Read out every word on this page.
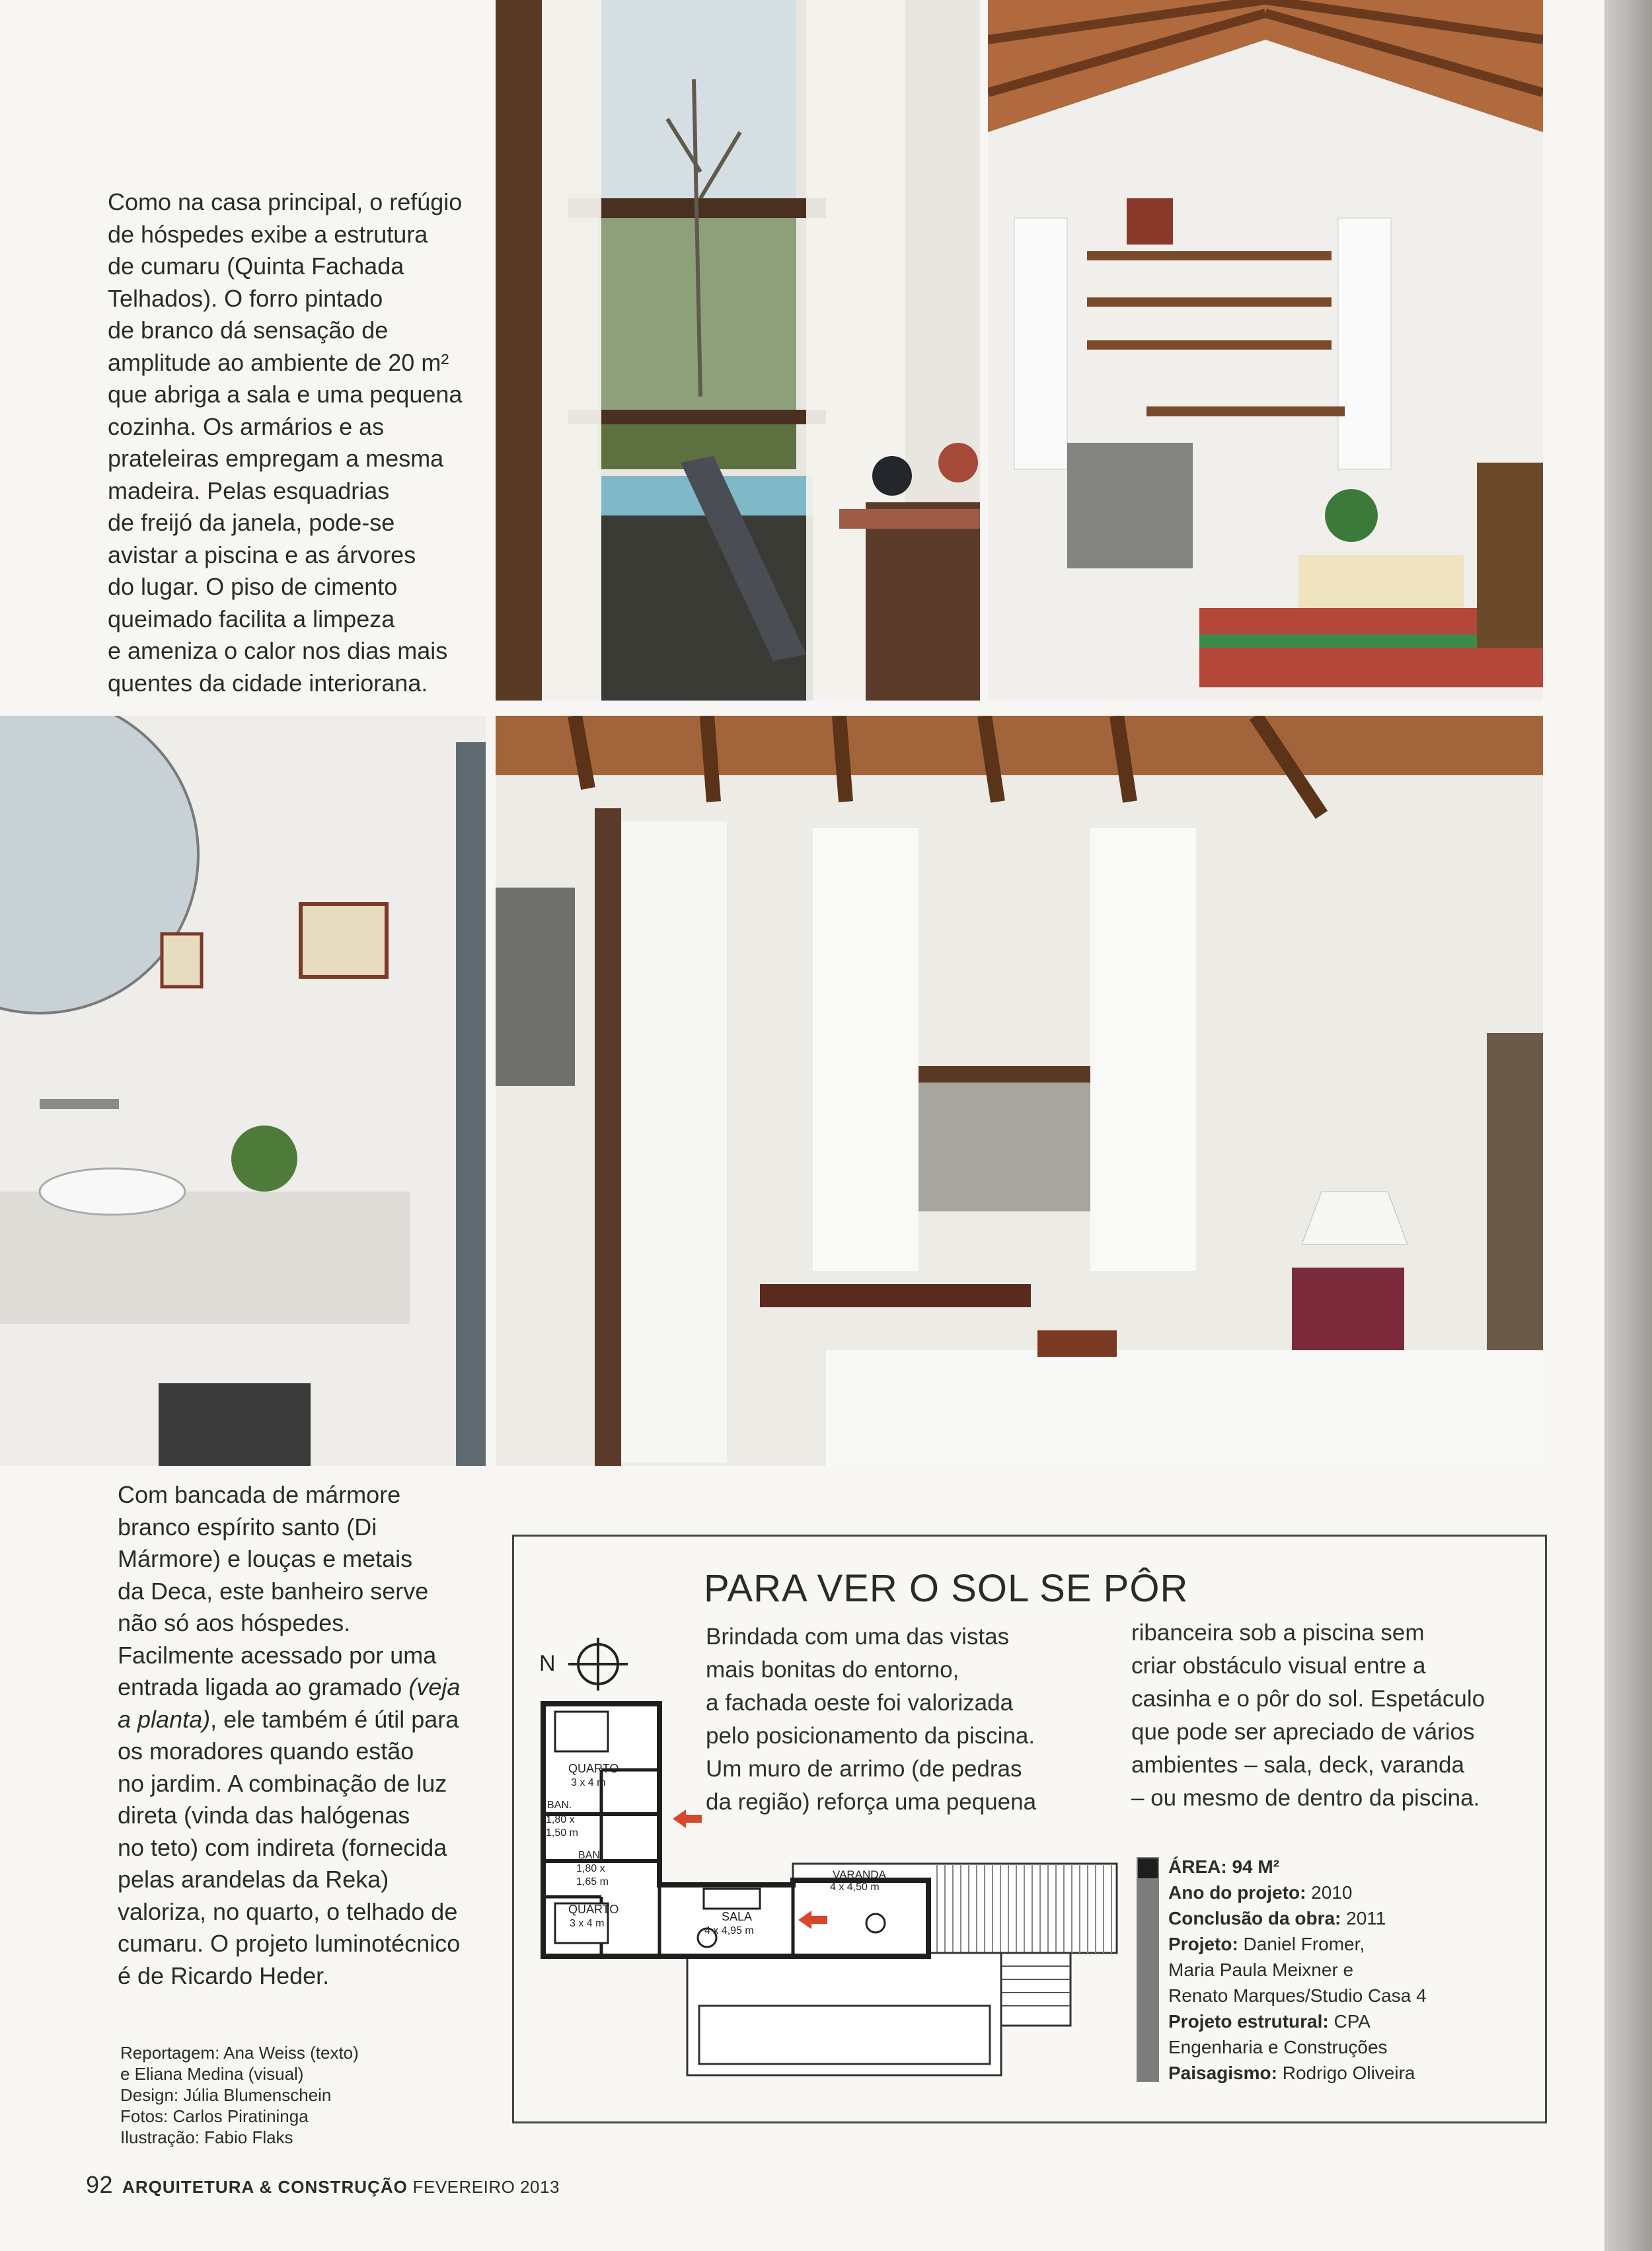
Como na casa principal, o refúgio

de hóspedes exibe a estrutura

de cumaru (Quinta Fachada

Telhados). O forro pintado

de branco dá sensação de

amplitude ao ambiente de 20 m²

que abriga a sala e uma pequena

cozinha. Os armários e as

prateleiras empregam a mesma

madeira. Pelas esquadrias

de freijó da janela, pode-se

avistar a piscina e as árvores

do lugar. O piso de cimento

queimado facilita a limpeza

e ameniza o calor nos dias mais

quentes da cidade interiorana.

Com bancada de mármore

branco espírito santo (Di

Mármore) e louças e metais

da Deca, este banheiro serve

não só aos hóspedes.

Facilmente acessado por uma

entrada ligada ao gramado (veja

a planta), ele também é útil para

os moradores quando estão

no jardim. A combinação de luz

direta (vinda das halógenas

no teto) com indireta (fornecida

pelas arandelas da Reka)

valoriza, no quarto, o telhado de

cumaru. O projeto luminotécnico

é de Ricardo Heder.

Reportagem: Ana Weiss (texto)
e Eliana Medina (visual)
Design: Júlia Blumenschein
Fotos: Carlos Piratininga
Ilustração: Fabio Flaks
92 ARQUITETURA & CONSTRUÇÃO FEVEREIRO 2013
PARA VER O SOL SE PÔR
Brindada com uma das vistas
mais bonitas do entorno,
a fachada oeste foi valorizada
pelo posicionamento da piscina.
Um muro de arrimo (de pedras
da região) reforça uma pequena
ribanceira sob a piscina sem
criar obstáculo visual entre a
casinha e o pôr do sol. Espetáculo
que pode ser apreciado de vários
ambientes – sala, deck, varanda
– ou mesmo de dentro da piscina.
ÁREA: 94 M²
Ano do projeto: 2010
Conclusão da obra: 2011
Projeto: Daniel Fromer,
Maria Paula Meixner e
Renato Marques/Studio Casa 4
Projeto estrutural: CPA
Engenharia e Construções
Paisagismo: Rodrigo Oliveira
N
QUARTO
3 x 4 m
BAN.
1,80 x
1,50 m
BAN.
1,80 x
1,65 m
QUARTO
3 x 4 m
SALA
4 x 4,95 m
VARANDA
4 x 4,50 m
